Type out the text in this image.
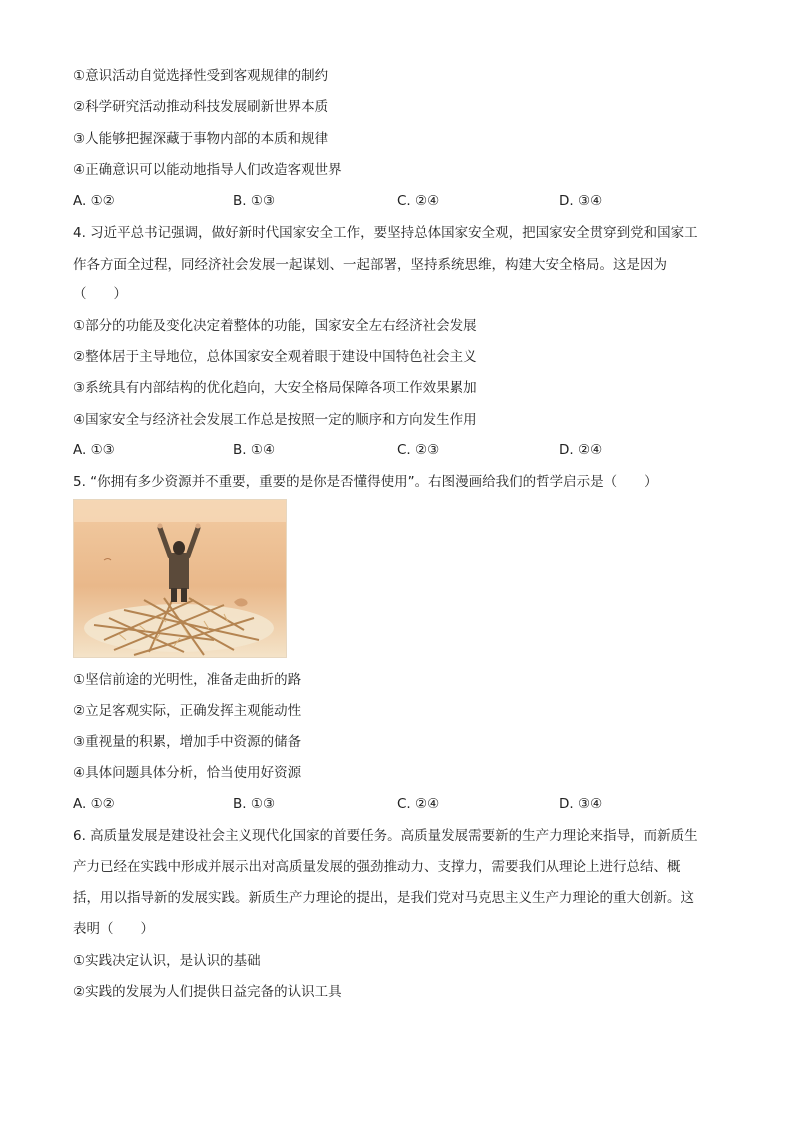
①意识活动自觉选择性受到客观规律的制约
②科学研究活动推动科技发展刷新世界本质
③人能够把握深藏于事物内部的本质和规律
④正确意识可以能动地指导人们改造客观世界
A. ①②	B. ①③	C. ②④	D. ③④
4. 习近平总书记强调，做好新时代国家安全工作，要坚持总体国家安全观，把国家安全贯穿到党和国家工
作各方面全过程，同经济社会发展一起谋划、一起部署，坚持系统思维，构建大安全格局。这是因为
（　　）
①部分的功能及变化决定着整体的功能，国家安全左右经济社会发展
②整体居于主导地位，总体国家安全观着眼于建设中国特色社会主义
③系统具有内部结构的优化趋向，大安全格局保障各项工作效果累加
④国家安全与经济社会发展工作总是按照一定的顺序和方向发生作用
A. ①③	B. ①④	C. ②③	D. ②④
5. “你拥有多少资源并不重要，重要的是你是否懂得使用”。右图漫画给我们的哲学启示是（　　）
①坚信前途的光明性，准备走曲折的路
②立足客观实际，正确发挥主观能动性
③重视量的积累，增加手中资源的储备
④具体问题具体分析，恰当使用好资源
A. ①②	B. ①③	C. ②④	D. ③④
6. 高质量发展是建设社会主义现代化国家的首要任务。高质量发展需要新的生产力理论来指导，而新质生
产力已经在实践中形成并展示出对高质量发展的强劲推动力、支撑力，需要我们从理论上进行总结、概
括，用以指导新的发展实践。新质生产力理论的提出，是我们党对马克思主义生产力理论的重大创新。这
表明（　　）
①实践决定认识，是认识的基础
②实践的发展为人们提供日益完备的认识工具
